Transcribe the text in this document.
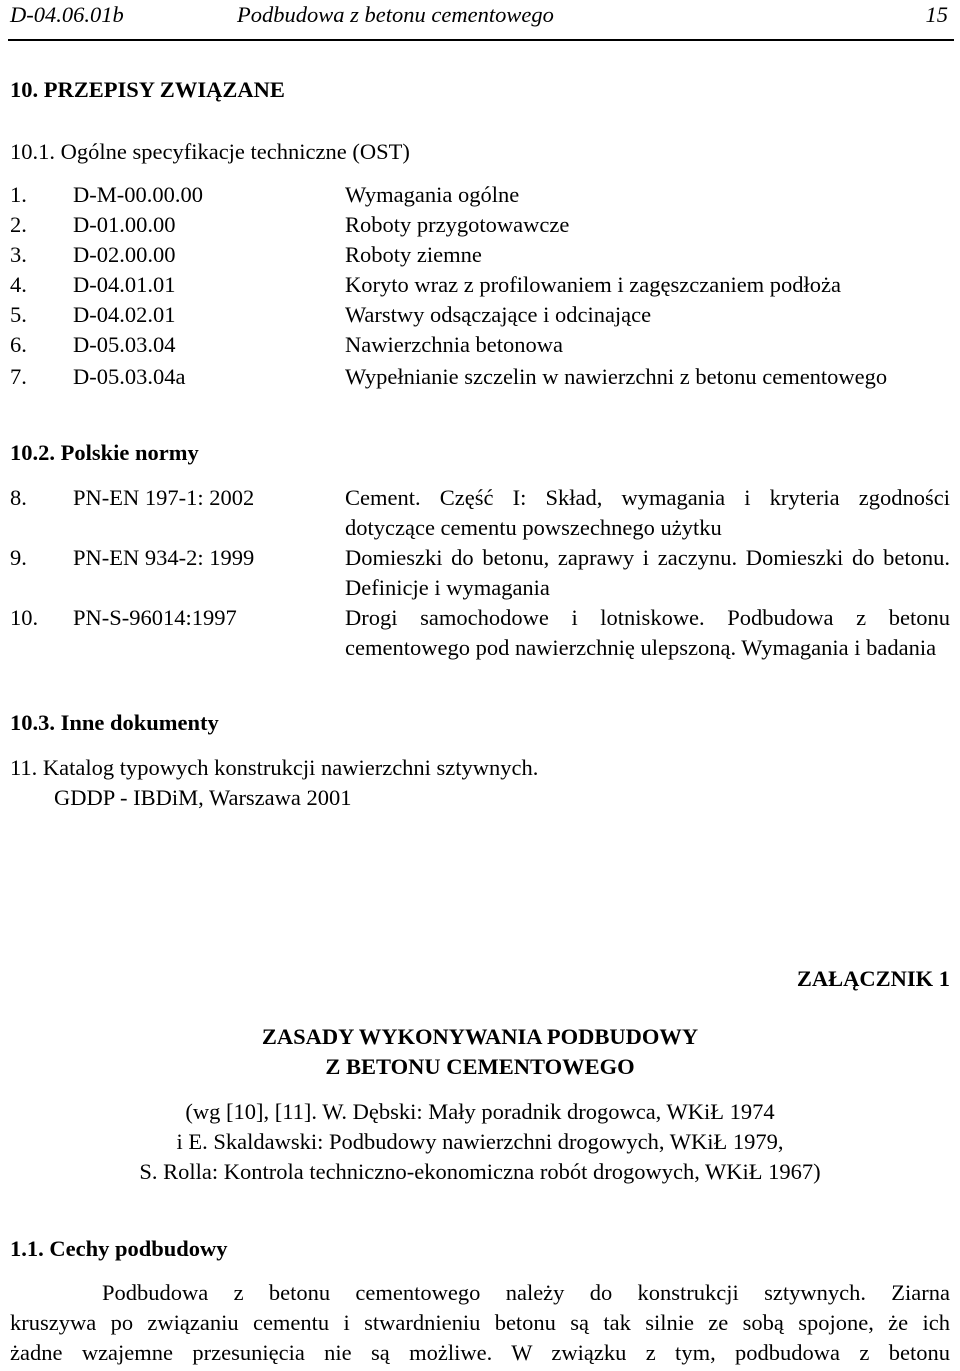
D-04.06.01b	Podbudowa z betonu cementowego	15
10. PRZEPISY ZWIĄZANE
10.1. Ogólne specyfikacje techniczne (OST)
1. D-M-00.00.00	Wymagania ogólne
2. D-01.00.00	Roboty przygotowawcze
3. D-02.00.00	Roboty ziemne
4. D-04.01.01	Koryto wraz z profilowaniem i zagęszczaniem podłoża
5. D-04.02.01	Warstwy odsączające i odcinające
6. D-05.03.04	Nawierzchnia betonowa
7. D-05.03.04a	Wypełnianie szczelin w nawierzchni z betonu cementowego
10.2. Polskie normy
8. PN-EN 197-1: 2002	Cement. Część I: Skład, wymagania i kryteria zgodności dotyczące cementu powszechnego użytku
9. PN-EN 934-2: 1999	Domieszki do betonu, zaprawy i zaczynu. Domieszki do betonu. Definicje i wymagania
10. PN-S-96014:1997	Drogi samochodowe i lotniskowe. Podbudowa z betonu cementowego pod nawierzchnię ulepszoną. Wymagania i badania
10.3. Inne dokumenty
11. Katalog typowych konstrukcji nawierzchni sztywnych.
GDDP - IBDiM, Warszawa 2001
ZAŁĄCZNIK 1
ZASADY WYKONYWANIA PODBUDOWY
Z BETONU CEMENTOWEGO
(wg [10], [11]. W. Dębski: Mały poradnik drogowca, WKiŁ 1974
i E. Skaldawski: Podbudowy nawierzchni drogowych, WKiŁ 1979,
S. Rolla: Kontrola techniczno-ekonomiczna robót drogowych, WKiŁ 1967)
1.1. Cechy podbudowy
Podbudowa z betonu cementowego należy do konstrukcji sztywnych. Ziarna
kruszywa po związaniu cementu i stwardnieniu betonu są tak silnie ze sobą spojone, że ich
żadne wzajemne przesunięcia nie są możliwe. W związku z tym, podbudowa z betonu
